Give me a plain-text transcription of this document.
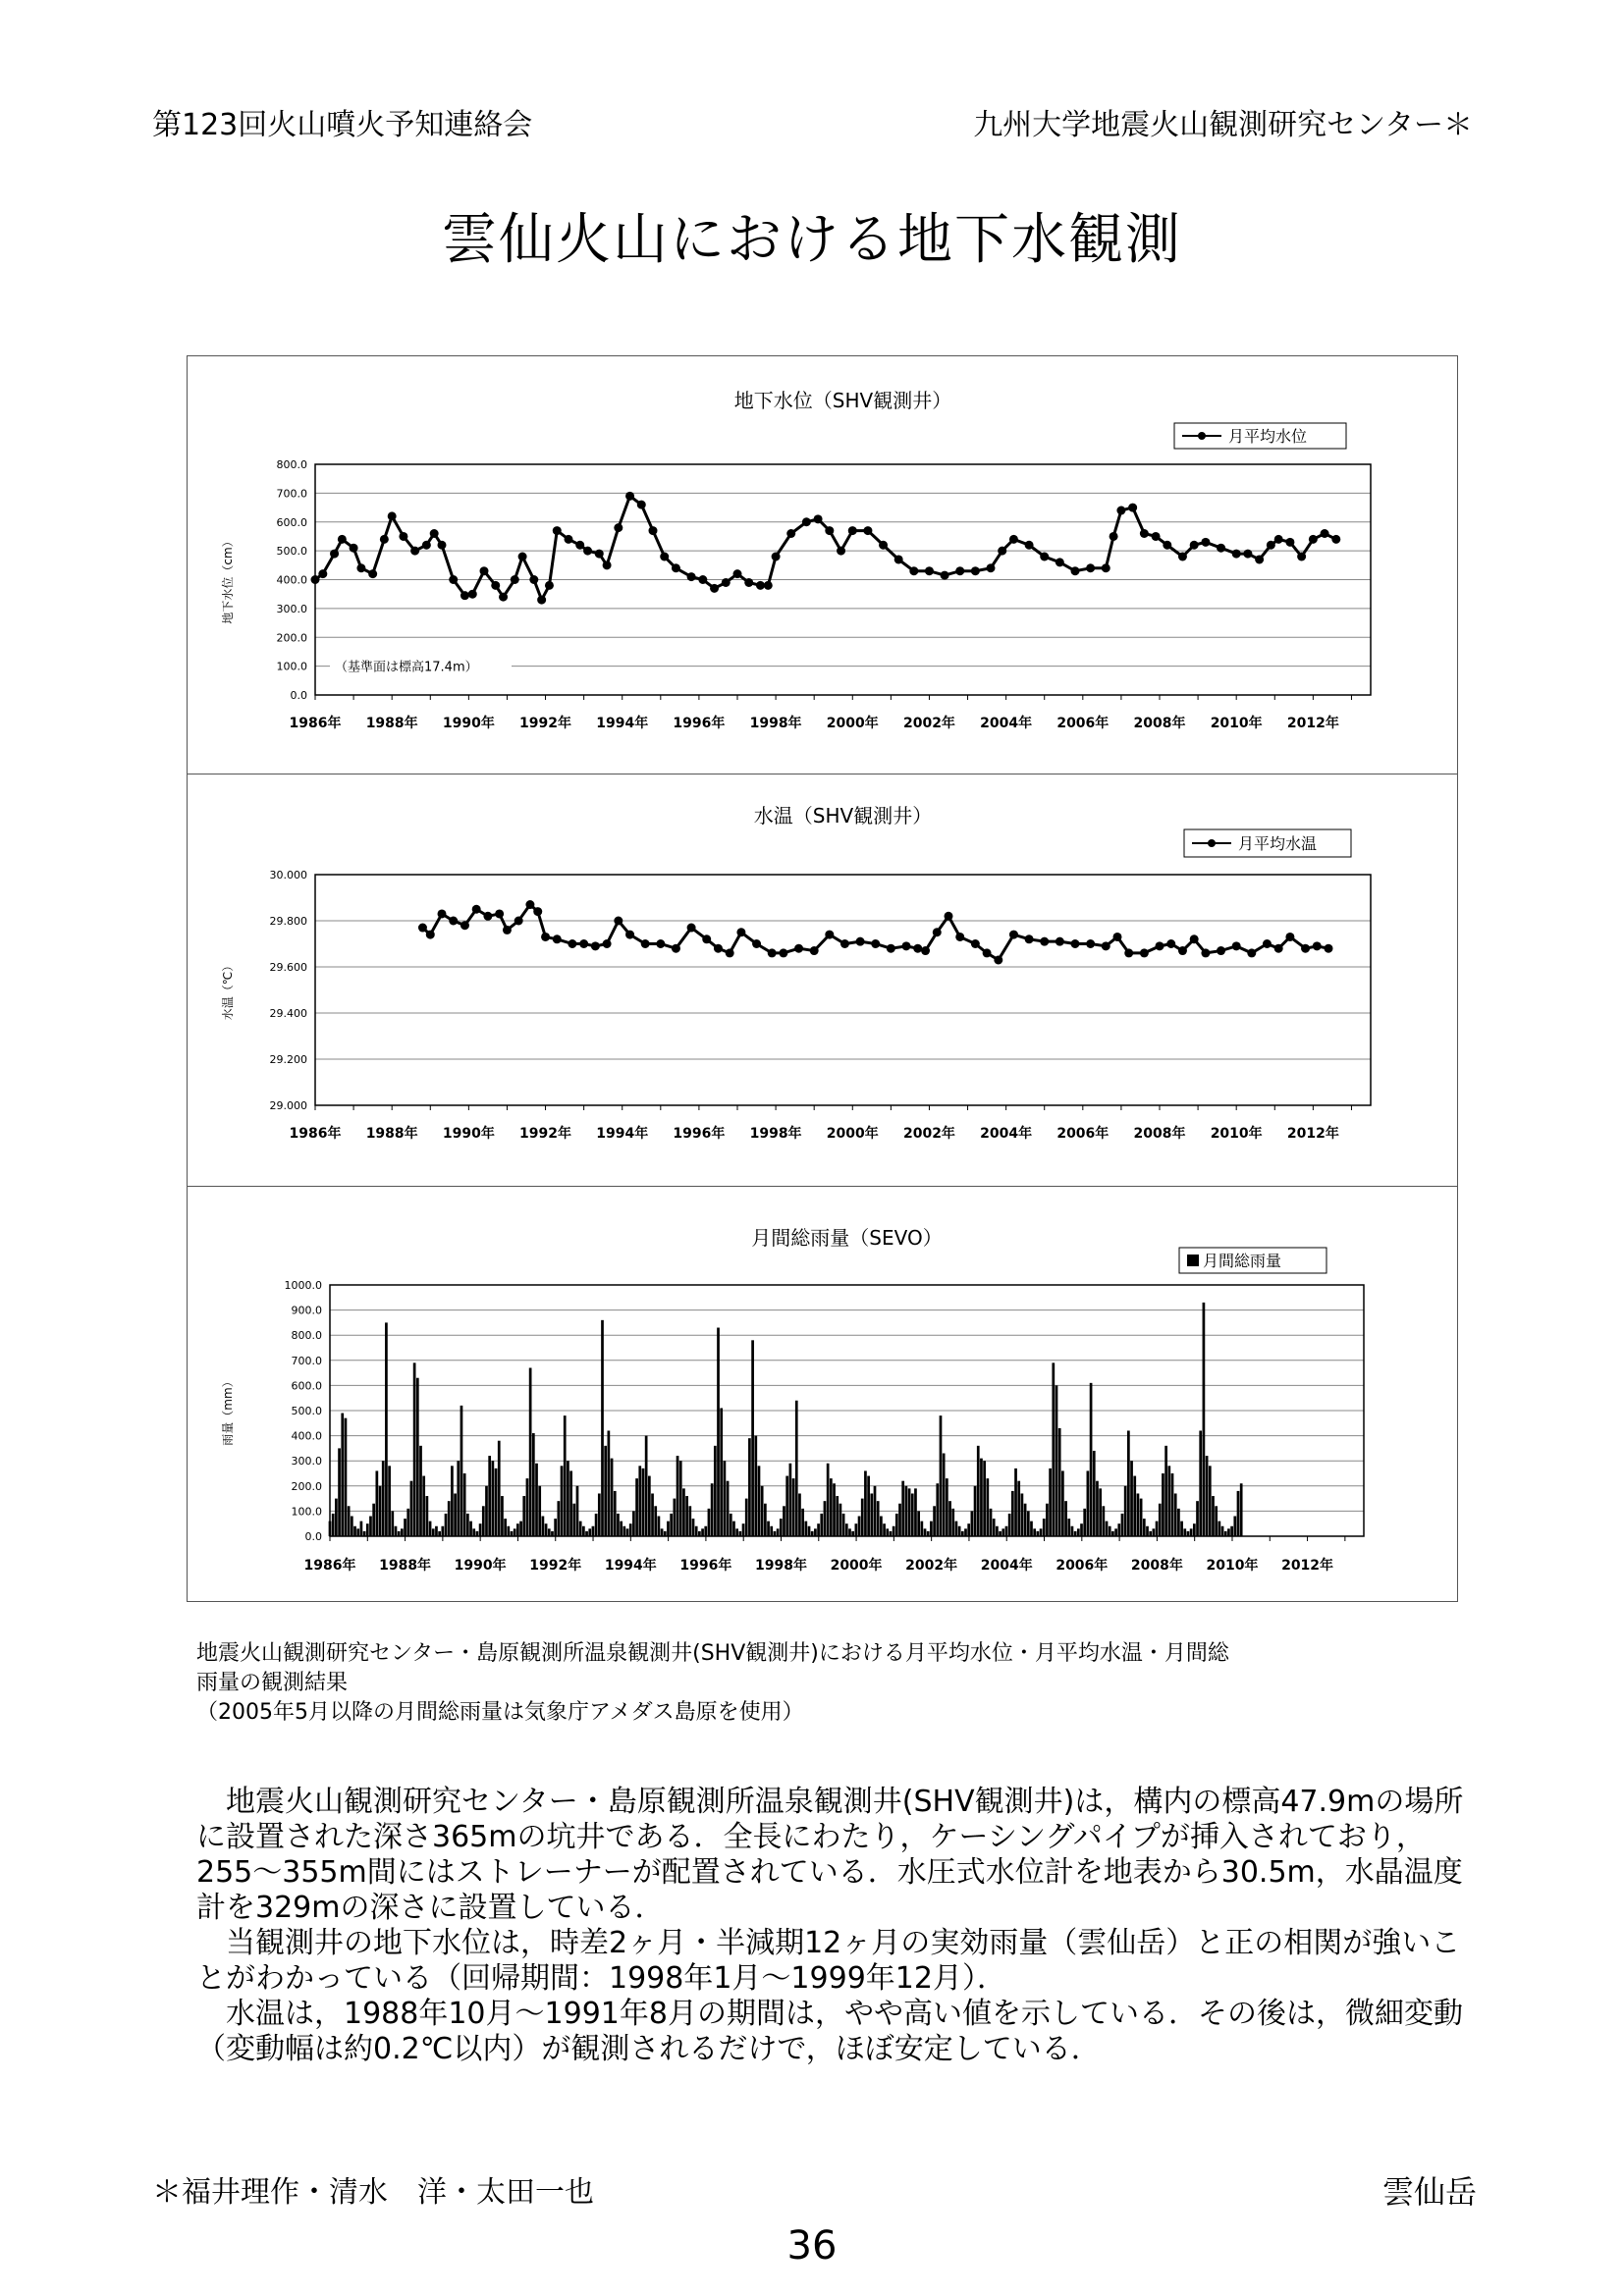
第123回火山噴火予知連絡会	九州大学地震火山観測研究センター＊
雲仙火山における地下水観測
地下水位（SHV観測井）
0.0
100.0
200.0
300.0
400.0
500.0
600.0
700.0
800.0
1986年 1988年 1990年 1992年 1994年 1996年 1998年 2000年 2002年 2004年 2006年 2008年 2010年 2012年
地下水位（cm）
（基準面は標高17.4m）
月平均水位
水温（SHV観測井）
29.000
29.200
29.400
29.600
29.800
30.000
1986年 1988年 1990年 1992年 1994年 1996年 1998年 2000年 2002年 2004年 2006年 2008年 2010年 2012年
水温（℃）
月平均水温
月間総雨量（SEVO）
0.0
100.0
200.0
300.0
400.0
500.0
600.0
700.0
800.0
900.0
1000.0
1986年 1988年 1990年 1992年 1994年 1996年 1998年 2000年 2002年 2004年 2006年 2008年 2010年 2012年
雨量（mm）
月間総雨量
地震火山観測研究センター・島原観測所温泉観測井(SHV観測井)における月平均水位・月平均水温・月間総
雨量の観測結果
（2005年5月以降の月間総雨量は気象庁アメダス島原を使用）

地震火山観測研究センター・島原観測所温泉観測井(SHV観測井)は，構内の標高47.9mの場所に設置された深さ365mの坑井である．全長にわたり，ケーシングパイプが挿入されており，255〜355m間にはストレーナーが配置されている．水圧式水位計を地表から30.5m，水晶温度計を329mの深さに設置している．

当観測井の地下水位は，時差2ヶ月・半減期12ヶ月の実効雨量（雲仙岳）と正の相関が強いことがわかっている（回帰期間：1998年1月〜1999年12月）．

水温は，1988年10月〜1991年8月の期間は，やや高い値を示している．その後は，微細変動（変動幅は約0.2℃以内）が観測されるだけで，ほぼ安定している．

＊福井理作・清水　洋・太田一也	雲仙岳
36
